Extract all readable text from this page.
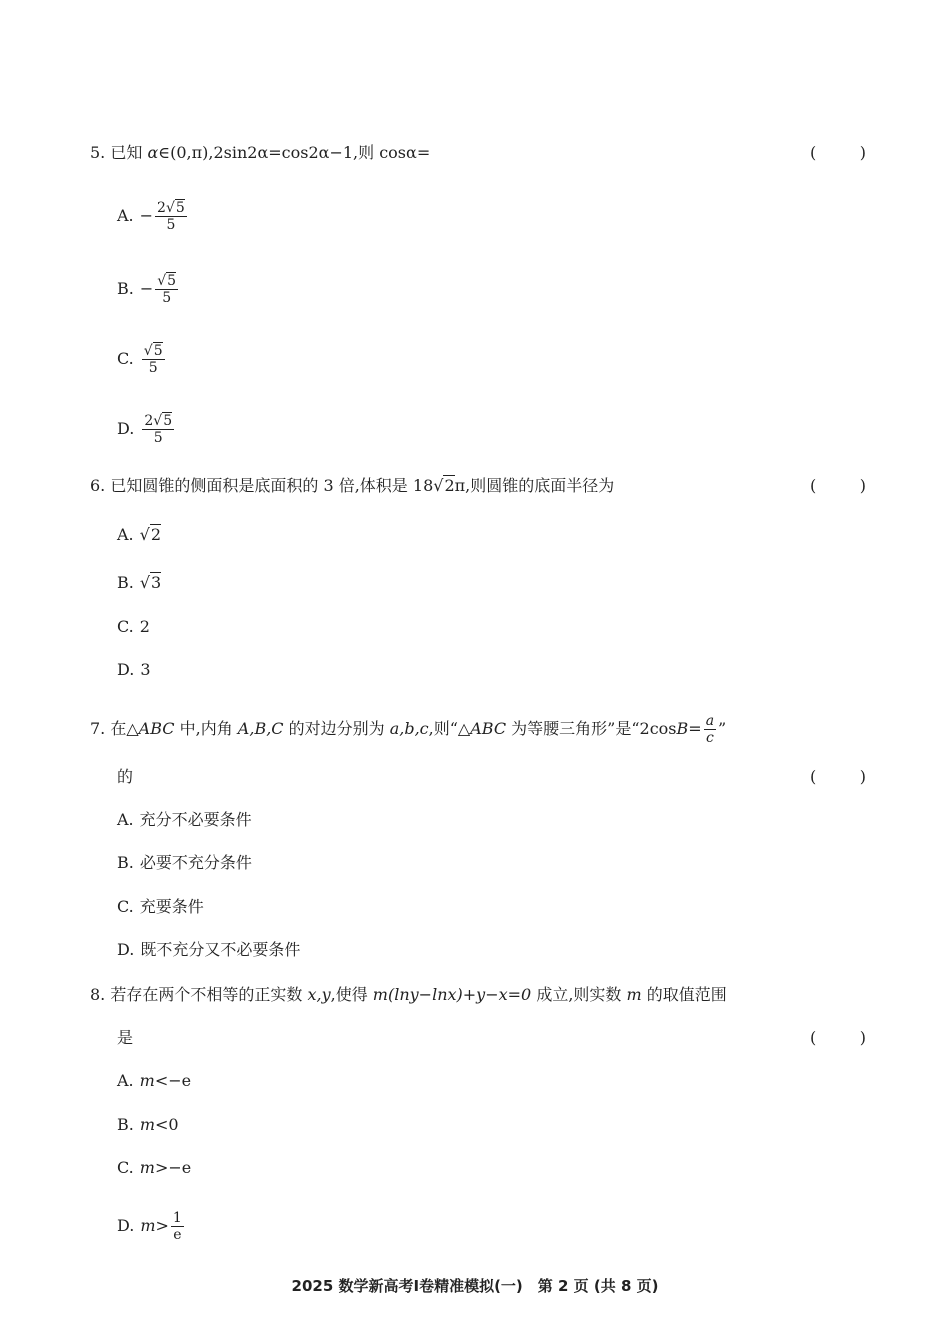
5. 已知 α∈(0,π),2sin2α=cos2α−1,则 cosα=	(	)
A. − $\frac{2√5}{5}$
B. − $\frac{√5}{5}$
C. $\frac{√5}{5}$
D. $\frac{2√5}{5}$
6. 已知圆锥的侧面积是底面积的 3 倍,体积是 18√2π,则圆锥的底面半径为	(	)
A. √2
B. √3
C. 2
D. 3
7. 在△ABC 中,内角 A,B,C 的对边分别为 a,b,c,则“△ABC 为等腰三角形”是“$2\cos B= \frac{a}{c}$ ”
的	(	)
A. 充分不必要条件
B. 必要不充分条件
C. 充要条件
D. 既不充分又不必要条件
8. 若存在两个不相等的正实数 x,y,使得 m(lny−lnx)+y−x=0 成立,则实数 m 的取值范围
是	(	)
A. m<−e
B. m<0
C. m>−e
D. $m> \frac{1}{e}$
2025 数学新高考Ⅰ卷精准模拟(一)　第 2 页 (共 8 页)
